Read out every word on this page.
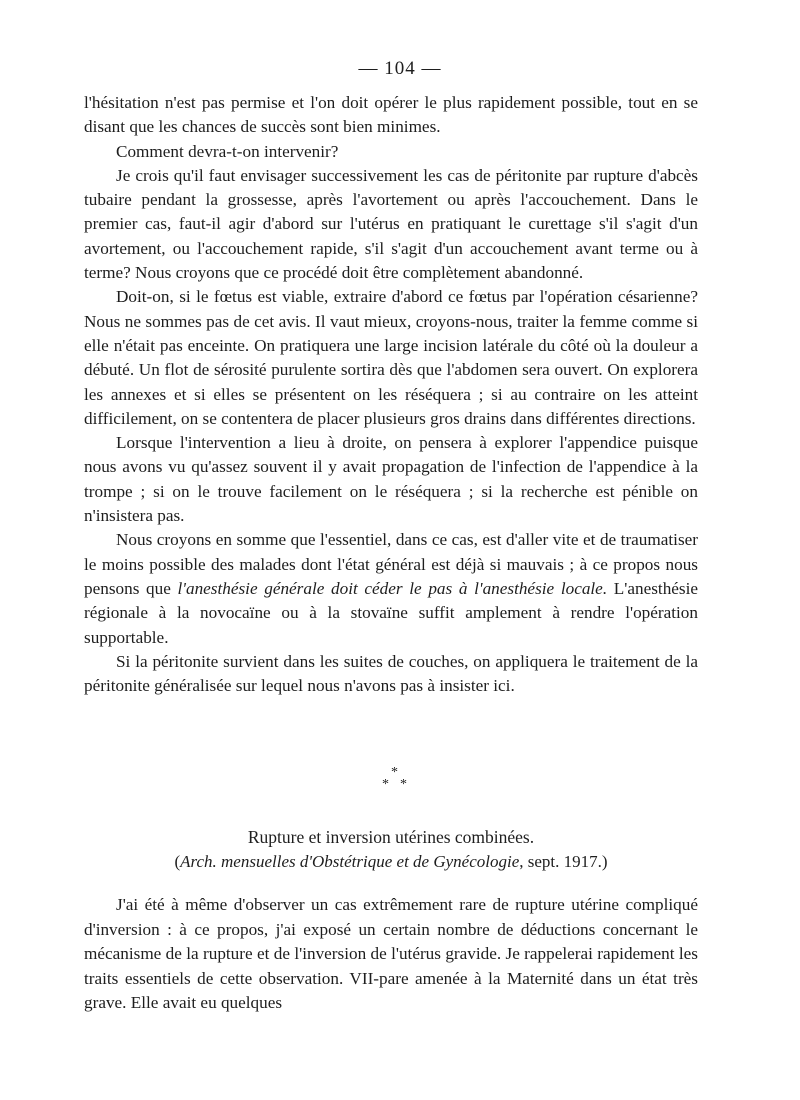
— 104 —

l'hésitation n'est pas permise et l'on doit opérer le plus rapidement possible, tout en se disant que les chances de succès sont bien minimes.

Comment devra-t-on intervenir?

Je crois qu'il faut envisager successivement les cas de péritonite par rupture d'abcès tubaire pendant la grossesse, après l'avortement ou après l'accouchement. Dans le premier cas, faut-il agir d'abord sur l'utérus en pratiquant le curettage s'il s'agit d'un avortement, ou l'accouchement rapide, s'il s'agit d'un accouchement avant terme ou à terme? Nous croyons que ce procédé doit être complètement abandonné.

Doit-on, si le fœtus est viable, extraire d'abord ce fœtus par l'opération césarienne? Nous ne sommes pas de cet avis. Il vaut mieux, croyons-nous, traiter la femme comme si elle n'était pas enceinte. On pratiquera une large incision latérale du côté où la douleur a débuté. Un flot de sérosité purulente sortira dès que l'abdomen sera ouvert. On explorera les annexes et si elles se présentent on les réséquera ; si au contraire on les atteint difficilement, on se contentera de placer plusieurs gros drains dans différentes directions.

Lorsque l'intervention a lieu à droite, on pensera à explorer l'appendice puisque nous avons vu qu'assez souvent il y avait propagation de l'infection de l'appendice à la trompe ; si on le trouve facilement on le réséquera ; si la recherche est pénible on n'insistera pas.

Nous croyons en somme que l'essentiel, dans ce cas, est d'aller vite et de traumatiser le moins possible des malades dont l'état général est déjà si mauvais ; à ce propos nous pensons que l'anesthésie générale doit céder le pas à l'anesthésie locale. L'anesthésie régionale à la novocaïne ou à la stovaïne suffit amplement à rendre l'opération supportable.

Si la péritonite survient dans les suites de couches, on appliquera le traitement de la péritonite généralisée sur lequel nous n'avons pas à insister ici.

*
* *
Rupture et inversion utérines combinées.
(Arch. mensuelles d'Obstétrique et de Gynécologie, sept. 1917.)

J'ai été à même d'observer un cas extrêmement rare de rupture utérine compliqué d'inversion : à ce propos, j'ai exposé un certain nombre de déductions concernant le mécanisme de la rupture et de l'inversion de l'utérus gravide. Je rappelerai rapidement les traits essentiels de cette observation. VII-pare amenée à la Maternité dans un état très grave. Elle avait eu quelques
